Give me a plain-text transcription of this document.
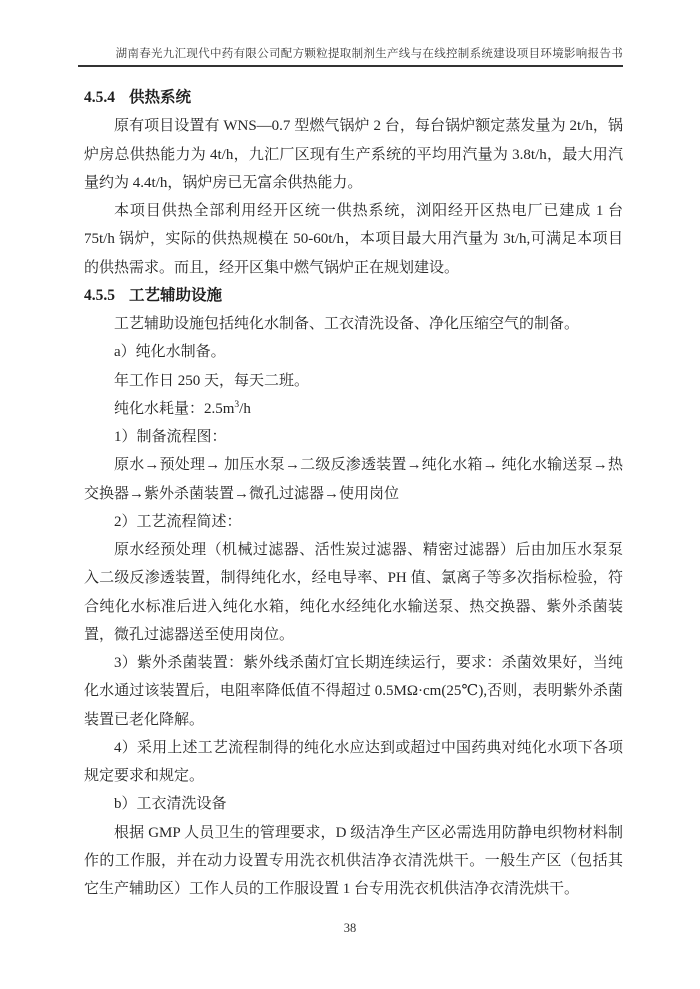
湖南春光九汇现代中药有限公司配方颗粒提取制剂生产线与在线控制系统建设项目环境影响报告书
4.5.4 供热系统

原有项目设置有 WNS—0.7 型燃气锅炉 2 台，每台锅炉额定蒸发量为 2t/h，锅炉房总供热能力为 4t/h，九汇厂区现有生产系统的平均用汽量为 3.8t/h，最大用汽量约为 4.4t/h，锅炉房已无富余供热能力。

本项目供热全部利用经开区统一供热系统，浏阳经开区热电厂已建成 1 台 75t/h 锅炉，实际的供热规模在 50-60t/h，本项目最大用汽量为 3t/h,可满足本项目的供热需求。而且，经开区集中燃气锅炉正在规划建设。

4.5.5 工艺辅助设施

工艺辅助设施包括纯化水制备、工衣清洗设备、净化压缩空气的制备。

a）纯化水制备。

年工作日 250 天，每天二班。

纯化水耗量：$2.5m^3/h$

1）制备流程图：

原水→预处理→ 加压水泵→二级反渗透装置→纯化水箱→ 纯化水输送泵→热交换器→紫外杀菌装置→微孔过滤器→使用岗位

2）工艺流程简述：

原水经预处理（机械过滤器、活性炭过滤器、精密过滤器）后由加压水泵泵入二级反渗透装置，制得纯化水，经电导率、PH 值、氯离子等多次指标检验，符合纯化水标准后进入纯化水箱，纯化水经纯化水输送泵、热交换器、紫外杀菌装置，微孔过滤器送至使用岗位。

3）紫外杀菌装置：紫外线杀菌灯宜长期连续运行，要求：杀菌效果好，当纯化水通过该装置后，电阻率降低值不得超过 0.5MΩ·cm(25℃),否则，表明紫外杀菌装置已老化降解。

4）采用上述工艺流程制得的纯化水应达到或超过中国药典对纯化水项下各项规定要求和规定。

b）工衣清洗设备

根据 GMP 人员卫生的管理要求，D 级洁净生产区必需选用防静电织物材料制作的工作服，并在动力设置专用洗衣机供洁净衣清洗烘干。一般生产区（包括其它生产辅助区）工作人员的工作服设置 1 台专用洗衣机供洁净衣清洗烘干。

38
